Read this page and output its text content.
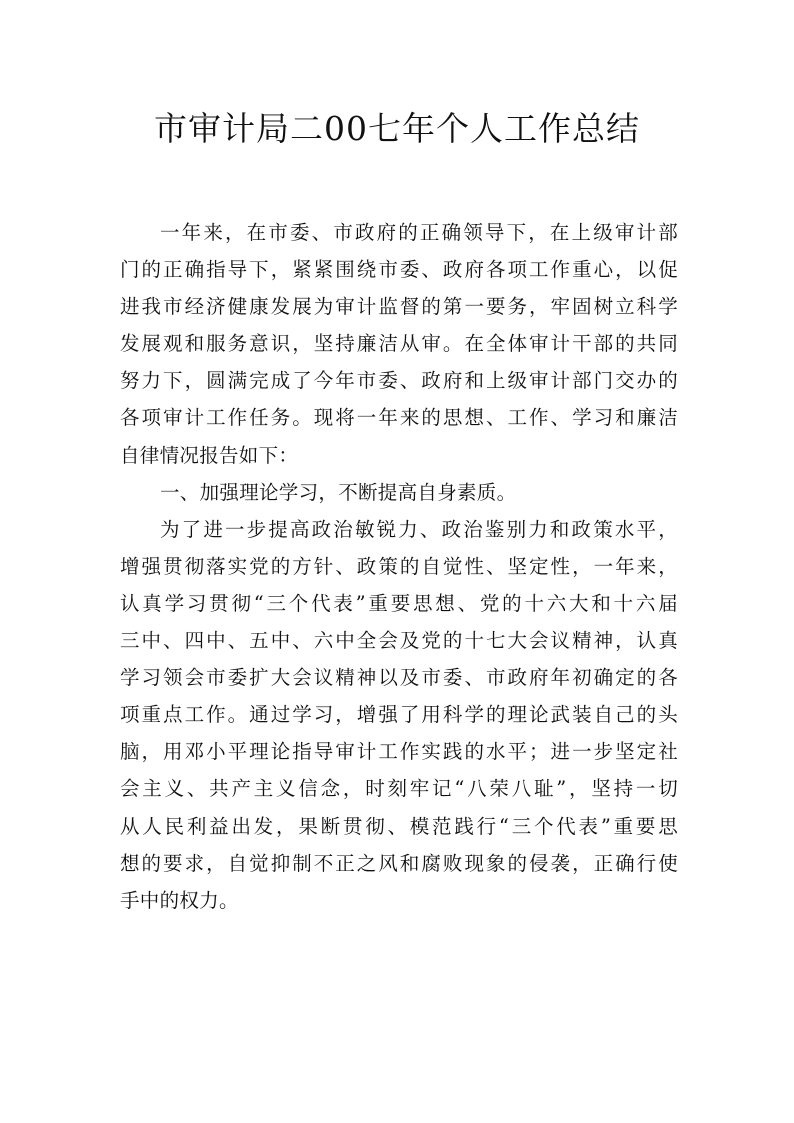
市审计局二00七年个人工作总结
一年来，在市委、市政府的正确领导下，在上级审计部
门的正确指导下，紧紧围绕市委、政府各项工作重心，以促
进我市经济健康发展为审计监督的第一要务，牢固树立科学
发展观和服务意识，坚持廉洁从审。在全体审计干部的共同
努力下，圆满完成了今年市委、政府和上级审计部门交办的
各项审计工作任务。现将一年来的思想、工作、学习和廉洁
自律情况报告如下：
一、加强理论学习，不断提高自身素质。
为了进一步提高政治敏锐力、政治鉴别力和政策水平，
增强贯彻落实党的方针、政策的自觉性、坚定性，一年来，
认真学习贯彻“三个代表”重要思想、党的十六大和十六届
三中、四中、五中、六中全会及党的十七大会议精神，认真
学习领会市委扩大会议精神以及市委、市政府年初确定的各
项重点工作。通过学习，增强了用科学的理论武装自己的头
脑，用邓小平理论指导审计工作实践的水平；进一步坚定社
会主义、共产主义信念，时刻牢记“八荣八耻”，坚持一切
从人民利益出发，果断贯彻、模范践行“三个代表”重要思
想的要求，自觉抑制不正之风和腐败现象的侵袭，正确行使
手中的权力。
